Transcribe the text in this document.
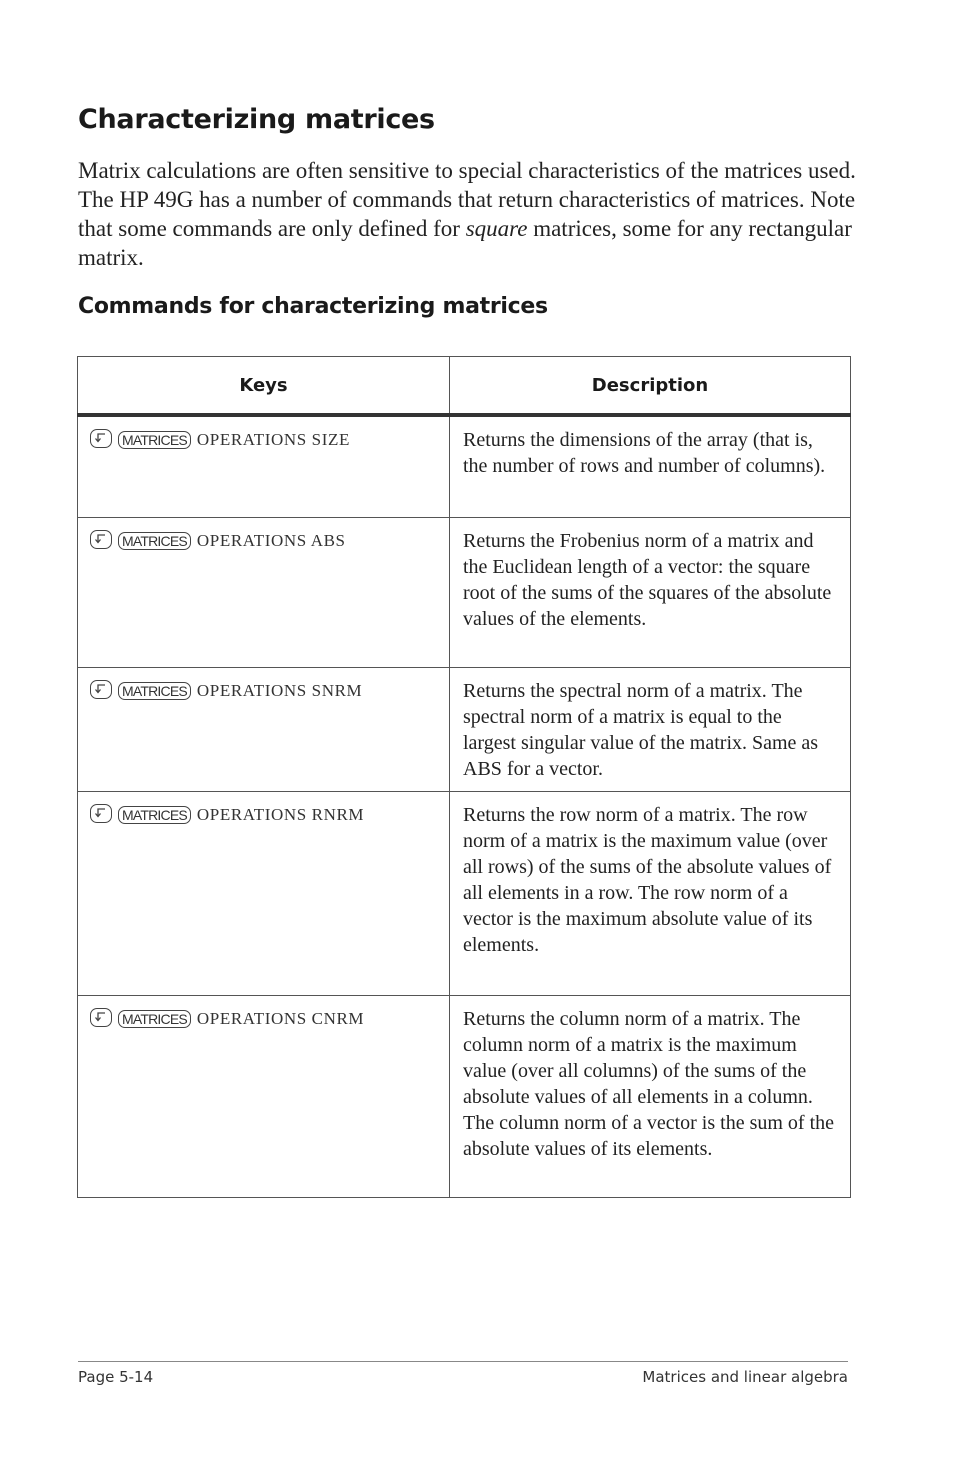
Characterizing matrices

Matrix calculations are often sensitive to special characteristics of the matrices used. The HP 49G has a number of commands that return characteristics of matrices. Note that some commands are only defined for square matrices, some for any rectangular matrix.

Commands for characterizing matrices
Keys	Description

MATRICES OPERATIONS SIZE	Returns the dimensions of the array (that is, the number of rows and number of columns).

MATRICES OPERATIONS ABS	Returns the Frobenius norm of a matrix and the Euclidean length of a vector: the square root of the sums of the squares of the absolute values of the elements.

MATRICES OPERATIONS SNRM	Returns the spectral norm of a matrix. The spectral norm of a matrix is equal to the largest singular value of the matrix. Same as ABS for a vector.

MATRICES OPERATIONS RNRM	Returns the row norm of a matrix. The row norm of a matrix is the maximum value (over all rows) of the sums of the absolute values of all elements in a row. The row norm of a vector is the maximum absolute value of its elements.

MATRICES OPERATIONS CNRM	Returns the column norm of a matrix. The column norm of a matrix is the maximum value (over all columns) of the sums of the absolute values of all elements in a column. The column norm of a vector is the sum of the absolute values of its elements.
Page 5-14	Matrices and linear algebra
